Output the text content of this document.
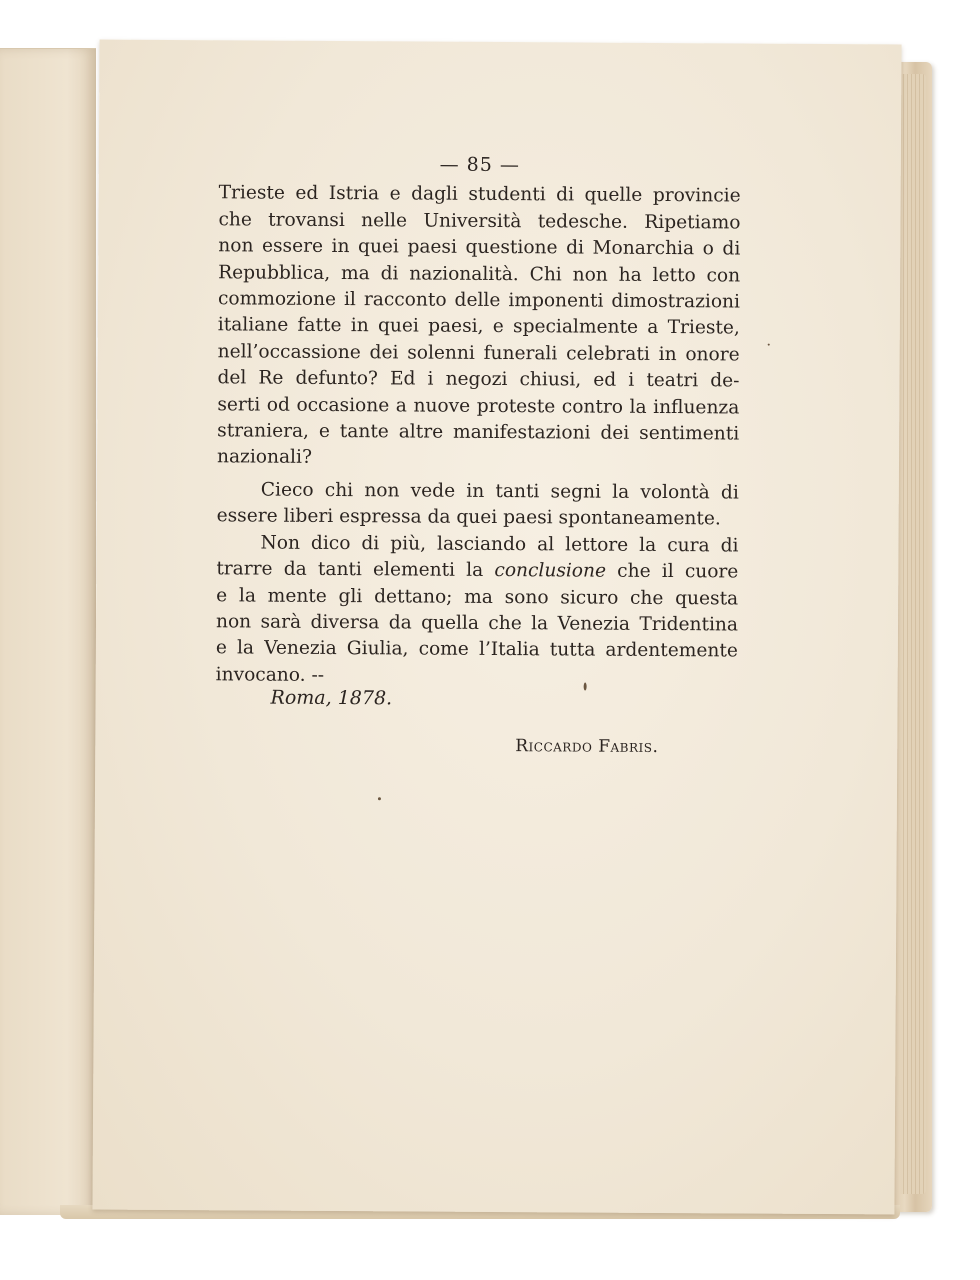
— 85 —
Trieste ed Istria e dagli studenti di quelle provincie
che trovansi nelle Università tedesche. Ripetiamo
non essere in quei paesi questione di Monarchia o di
Repubblica, ma di nazionalità. Chi non ha letto con
commozione il racconto delle imponenti dimostrazioni
italiane fatte in quei paesi, e specialmente a Trieste,
nell’occassione dei solenni funerali celebrati in onore
del Re defunto? Ed i negozi chiusi, ed i teatri de-
serti od occasione a nuove proteste contro la influenza
straniera, e tante altre manifestazioni dei sentimenti
nazionali?
Cieco chi non vede in tanti segni la volontà di
essere liberi espressa da quei paesi spontaneamente.
Non dico di più, lasciando al lettore la cura di
trarre da tanti elementi la conclusione che il cuore
e la mente gli dettano; ma sono sicuro che questa
non sarà diversa da quella che la Venezia Tridentina
e la Venezia Giulia, come l’Italia tutta ardentemente
invocano. --
Roma, 1878.
Riccardo Fabris.
